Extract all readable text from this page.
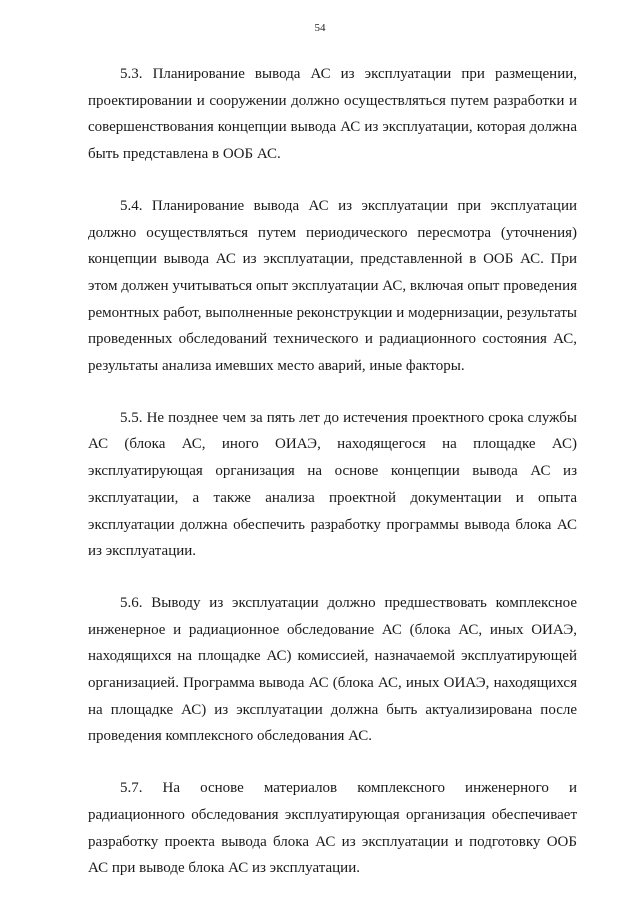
54

5.3. Планирование вывода АС из эксплуатации при размещении, проектировании и сооружении должно осуществляться путем разработки и совершенствования концепции вывода АС из эксплуатации, которая должна быть представлена в ООБ АС.

5.4. Планирование вывода АС из эксплуатации при эксплуатации должно осуществляться путем периодического пересмотра (уточнения) концепции вывода АС из эксплуатации, представленной в ООБ АС. При этом должен учитываться опыт эксплуатации АС, включая опыт проведения ремонтных работ, выполненные реконструкции и модернизации, результаты проведенных обследований технического и радиационного состояния АС, результаты анализа имевших место аварий, иные факторы.

5.5. Не позднее чем за пять лет до истечения проектного срока службы АС (блока АС, иного ОИАЭ, находящегося на площадке АС) эксплуатирующая организация на основе концепции вывода АС из эксплуатации, а также анализа проектной документации и опыта эксплуатации должна обеспечить разработку программы вывода блока АС из эксплуатации.

5.6. Выводу из эксплуатации должно предшествовать комплексное инженерное и радиационное обследование АС (блока АС, иных ОИАЭ, находящихся на площадке АС) комиссией, назначаемой эксплуатирующей организацией. Программа вывода АС (блока АС, иных ОИАЭ, находящихся на площадке АС) из эксплуатации должна быть актуализирована после проведения комплексного обследования АС.

5.7. На основе материалов комплексного инженерного и радиационного обследования эксплуатирующая организация обеспечивает разработку проекта вывода блока АС из эксплуатации и подготовку ООБ АС при выводе блока АС из эксплуатации.
